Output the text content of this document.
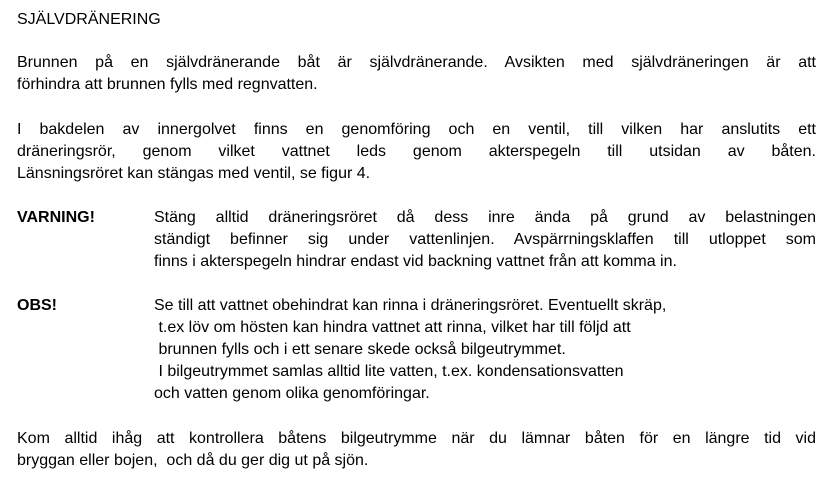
SJÄLVDRÄNERING
Brunnen på en självdränerande båt är självdränerande. Avsikten med självdräneringen är att
förhindra att brunnen fylls med regnvatten.
I bakdelen av innergolvet finns en genomföring och en ventil, till vilken har anslutits ett
dräneringsrör, genom vilket vattnet leds genom akterspegeln till utsidan av båten.
Länsningsröret kan stängas med ventil, se figur 4.
VARNING!	Stäng alltid dräneringsröret då dess inre ända på grund av belastningen
ständigt befinner sig under vattenlinjen. Avspärrningsklaffen till utloppet som
finns i akterspegeln hindrar endast vid backning vattnet från att komma in.
OBS!	Se till att vattnet obehindrat kan rinna i dräneringsröret. Eventuellt skräp,
t.ex löv om hösten kan hindra vattnet att rinna, vilket har till följd att
brunnen fylls och i ett senare skede också bilgeutrymmet.
I bilgeutrymmet samlas alltid lite vatten, t.ex. kondensationsvatten
och vatten genom olika genomföringar.
Kom alltid ihåg att kontrollera båtens bilgeutrymme när du lämnar båten för en längre tid vid
bryggan eller bojen,  och då du ger dig ut på sjön.
